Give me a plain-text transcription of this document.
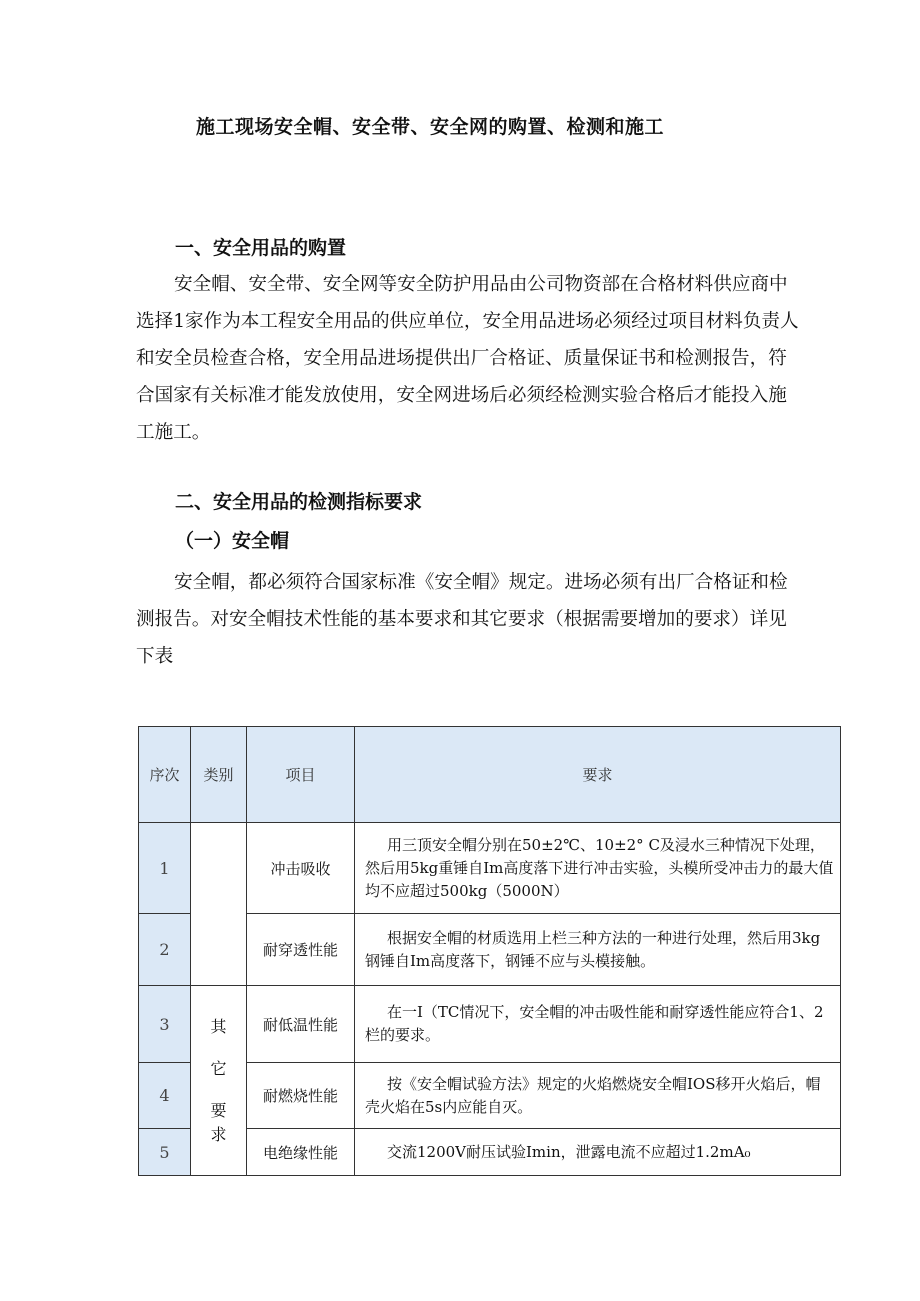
施工现场安全帽、安全带、安全网的购置、检测和施工
一、安全用品的购置
安全帽、安全带、安全网等安全防护用品由公司物资部在合格材料供应商中
选择1家作为本工程安全用品的供应单位，安全用品进场必须经过项目材料负责人
和安全员检查合格，安全用品进场提供出厂合格证、质量保证书和检测报告，符
合国家有关标准才能发放使用，安全网进场后必须经检测实验合格后才能投入施
工施工。
二、安全用品的检测指标要求
（一）安全帽
安全帽，都必须符合国家标准《安全帽》规定。进场必须有出厂合格证和检
测报告。对安全帽技术性能的基本要求和其它要求（根据需要增加的要求）详见
下表
序次	类别	项目	要求
1		冲击吸收	用三顶安全帽分别在50±2℃、10±2° C及浸水三种情况下处理，然后用5kg重锤自Im高度落下进行冲击实验，头模所受冲击力的最大值均不应超过500kg（5000N）
2		耐穿透性能	根据安全帽的材质选用上栏三种方法的一种进行处理，然后用3kg钢锤自Im高度落下，钢锤不应与头模接触。
3	其
它
要
求	耐低温性能	在一I（TC情况下，安全帽的冲击吸性能和耐穿透性能应符合1、2栏的要求。
4		耐燃烧性能	按《安全帽试验方法》规定的火焰燃烧安全帽IOS移开火焰后，帽壳火焰在5s内应能自灭。
5		电绝缘性能	交流1200V耐压试验Imin，泄露电流不应超过1.2mA₀
